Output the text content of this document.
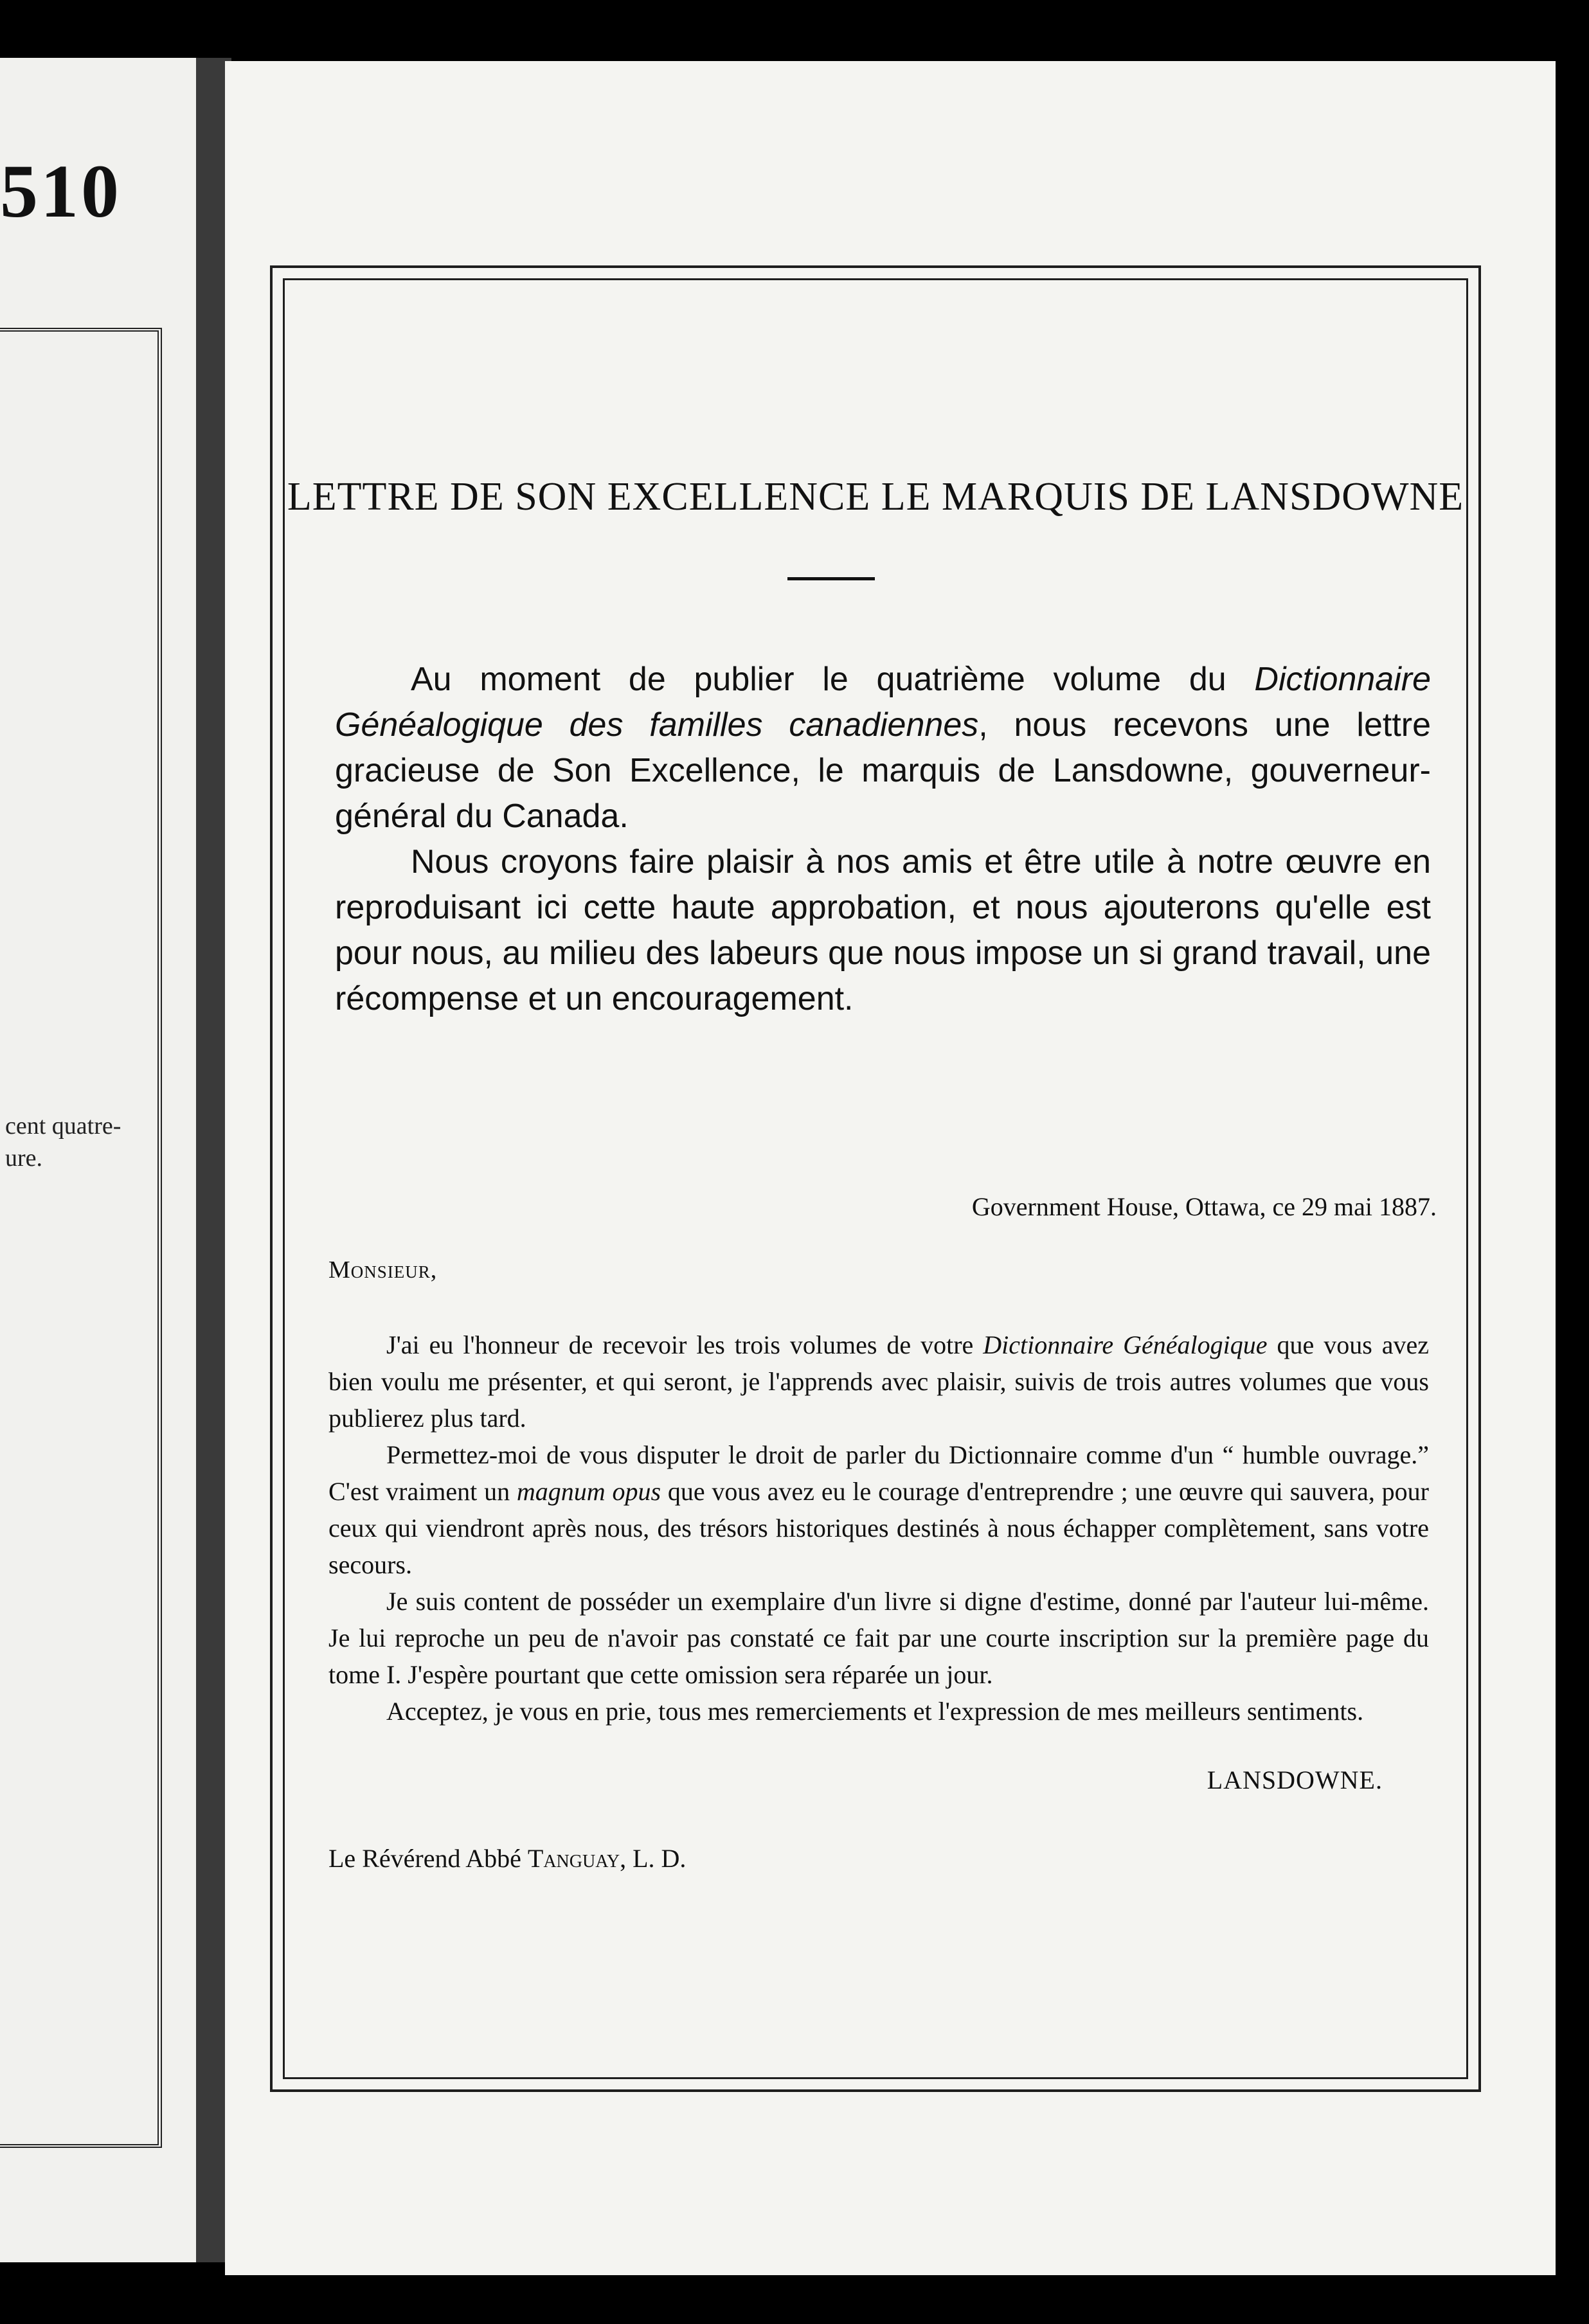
510
cent quatre-
ure.
LETTRE DE SON EXCELLENCE LE MARQUIS DE LANSDOWNE

Au moment de publier le quatrième volume du Dictionnaire Généalogique des familles canadiennes, nous recevons une lettre gracieuse de Son Excellence, le marquis de Lansdowne, gouverneur-général du Canada.

Nous croyons faire plaisir à nos amis et être utile à notre œuvre en reproduisant ici cette haute approbation, et nous ajouterons qu'elle est pour nous, au milieu des labeurs que nous impose un si grand travail, une récompense et un encouragement.

Government House, Ottawa, ce 29 mai 1887.
Monsieur,

J'ai eu l'honneur de recevoir les trois volumes de votre Dictionnaire Généalogique que vous avez bien voulu me présenter, et qui seront, je l'apprends avec plaisir, suivis de trois autres volumes que vous publierez plus tard.

Permettez-moi de vous disputer le droit de parler du Dictionnaire comme d'un “ humble ouvrage.” C'est vraiment un magnum opus que vous avez eu le courage d'entreprendre ; une œuvre qui sauvera, pour ceux qui viendront après nous, des trésors historiques destinés à nous échapper complètement, sans votre secours.

Je suis content de posséder un exemplaire d'un livre si digne d'estime, donné par l'auteur lui-même. Je lui reproche un peu de n'avoir pas constaté ce fait par une courte inscription sur la première page du tome I. J'espère pourtant que cette omission sera réparée un jour.

Acceptez, je vous en prie, tous mes remerciements et l'expression de mes meilleurs sentiments.

LANSDOWNE.
Le Révérend Abbé Tanguay, L. D.
